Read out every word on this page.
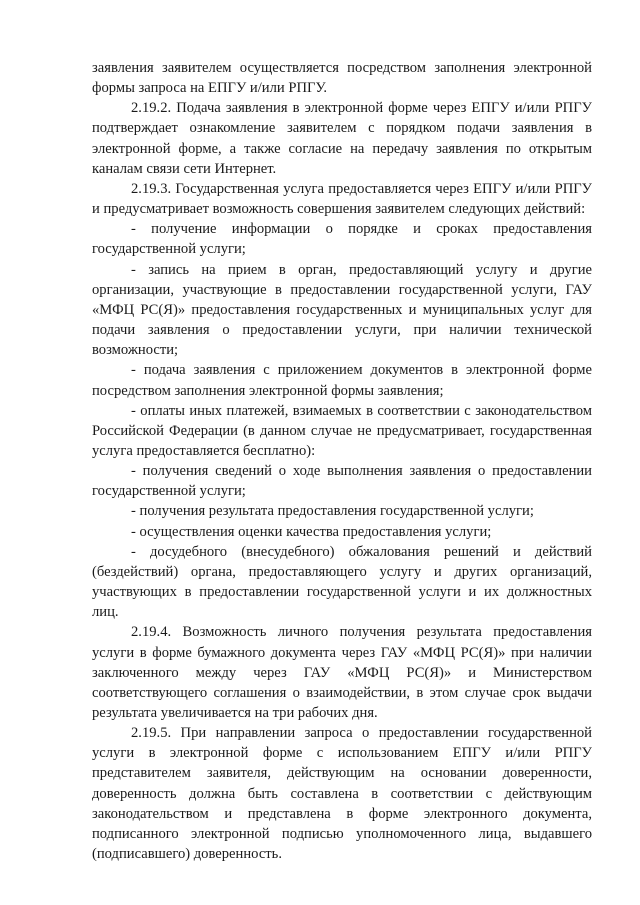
заявления заявителем осуществляется посредством заполнения электронной формы запроса на ЕПГУ и/или РПГУ.

2.19.2. Подача заявления в электронной форме через ЕПГУ и/или РПГУ подтверждает ознакомление заявителем с порядком подачи заявления в электронной форме, а также согласие на передачу заявления по открытым каналам связи сети Интернет.

2.19.3. Государственная услуга предоставляется через ЕПГУ и/или РПГУ и предусматривает возможность совершения заявителем следующих действий:

- получение информации о порядке и сроках предоставления государственной услуги;

- запись на прием в орган, предоставляющий услугу и другие организации, участвующие в предоставлении государственной услуги, ГАУ «МФЦ РС(Я)» предоставления государственных и муниципальных услуг для подачи заявления о предоставлении услуги, при наличии технической возможности;

- подача заявления с приложением документов в электронной форме посредством заполнения электронной формы заявления;

- оплаты иных платежей, взимаемых в соответствии с законодательством Российской Федерации (в данном случае не предусматривает, государственная услуга предоставляется бесплатно):

- получения сведений о ходе выполнения заявления о предоставлении государственной услуги;

- получения результата предоставления государственной услуги;

- осуществления оценки качества предоставления услуги;

- досудебного (внесудебного) обжалования решений и действий (бездействий) органа, предоставляющего услугу и других организаций, участвующих в предоставлении государственной услуги и их должностных лиц.

2.19.4. Возможность личного получения результата предоставления услуги в форме бумажного документа через ГАУ «МФЦ РС(Я)» при наличии заключенного между через ГАУ «МФЦ РС(Я)» и Министерством соответствующего соглашения о взаимодействии, в этом случае срок выдачи результата увеличивается на три рабочих дня.

2.19.5. При направлении запроса о предоставлении государственной услуги в электронной форме с использованием ЕПГУ и/или РПГУ представителем заявителя, действующим на основании доверенности, доверенность должна быть составлена в соответствии с действующим законодательством и представлена в форме электронного документа, подписанного электронной подписью уполномоченного лица, выдавшего (подписавшего) доверенность.
